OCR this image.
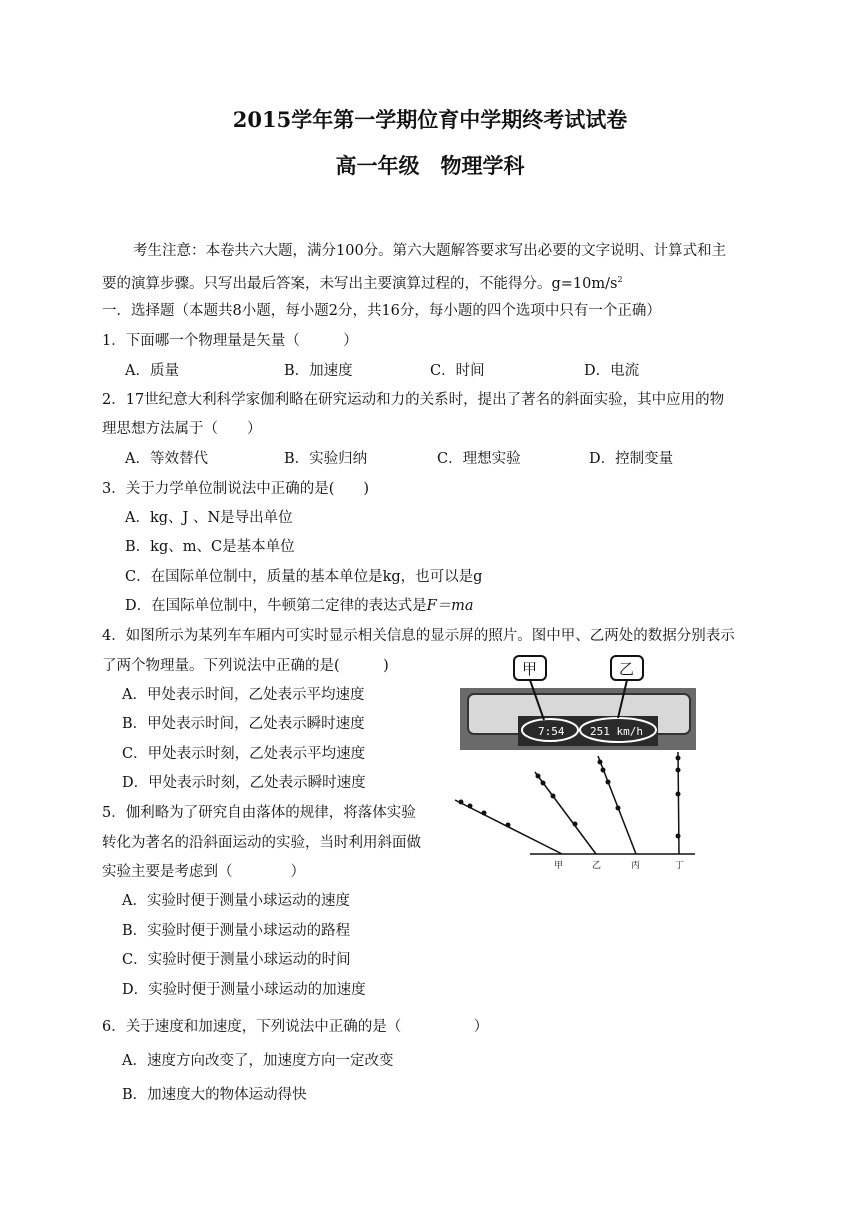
2015学年第一学期位育中学期终考试试卷
高一年级　物理学科
考生注意：本卷共六大题，满分100分。第六大题解答要求写出必要的文字说明、计算式和主
要的演算步骤。只写出最后答案，未写出主要演算过程的，不能得分。$g=10m/s^2$
一．选择题（本题共8小题，每小题2分，共16分，每小题的四个选项中只有一个正确）
1．下面哪一个物理量是矢量（　　　）
A．质量	B．加速度	C．时间	D．电流
2．17世纪意大利科学家伽利略在研究运动和力的关系时，提出了著名的斜面实验，其中应用的物
理思想方法属于（　　）
A．等效替代	B．实验归纳	C．理想实验	D．控制变量
3．关于力学单位制说法中正确的是(　　)
A．kg、J 、N是导出单位
B．kg、m、C是基本单位
C．在国际单位制中，质量的基本单位是kg，也可以是g
D．在国际单位制中，牛顿第二定律的表达式是F＝ma
4．如图所示为某列车车厢内可实时显示相关信息的显示屏的照片。图中甲、乙两处的数据分别表示
了两个物理量。下列说法中正确的是(　　　)
A．甲处表示时间，乙处表示平均速度
B．甲处表示时间，乙处表示瞬时速度
C．甲处表示时刻，乙处表示平均速度
D．甲处表示时刻，乙处表示瞬时速度
7:54 251 km/h
甲	乙
5．伽利略为了研究自由落体的规律，将落体实验
转化为著名的沿斜面运动的实验，当时利用斜面做
实验主要是考虑到（　　　　）
A．实验时便于测量小球运动的速度
B．实验时便于测量小球运动的路程
C．实验时便于测量小球运动的时间
D．实验时便于测量小球运动的加速度
甲	乙	丙	丁
6．关于速度和加速度，下列说法中正确的是（　　　　　）
A．速度方向改变了，加速度方向一定改变
B．加速度大的物体运动得快
